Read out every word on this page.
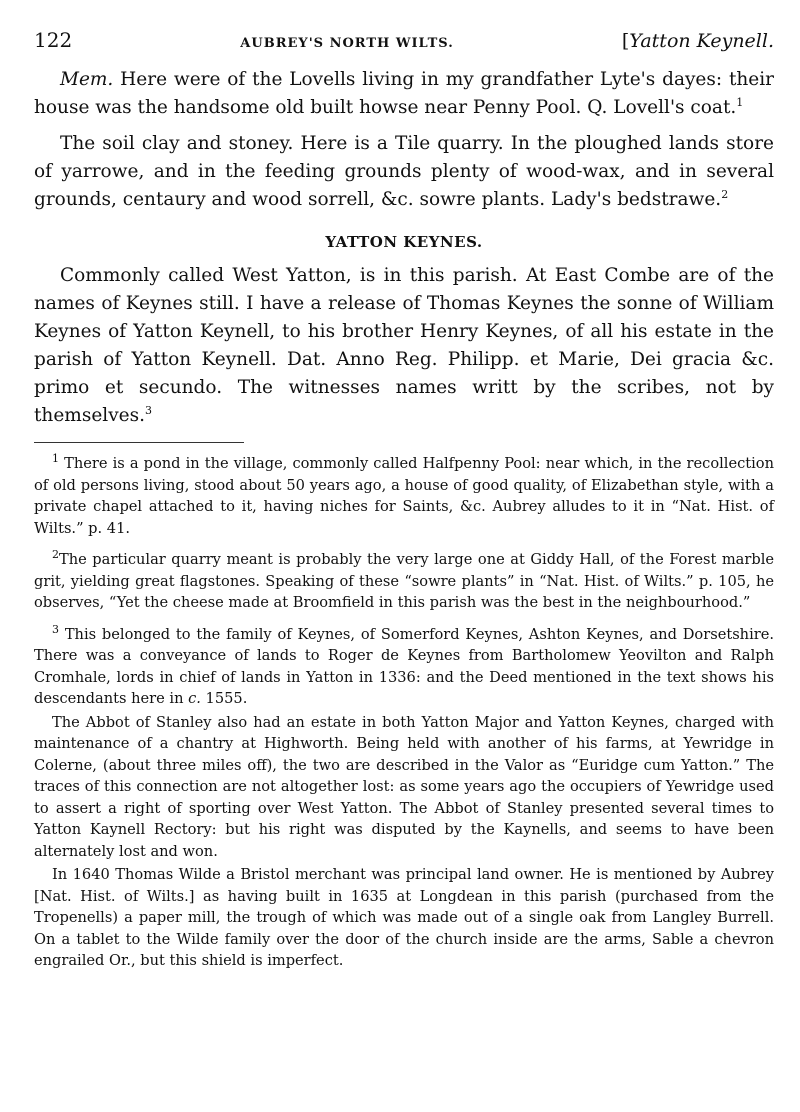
122	AUBREY'S NORTH WILTS.	[Yatton Keynell.

Mem. Here were of the Lovells living in my grandfather Lyte's dayes: their house was the handsome old built howse near Penny Pool. Q. Lovell's coat.$^1$

The soil clay and stoney. Here is a Tile quarry. In the ploughed lands store of yarrowe, and in the feeding grounds plenty of wood-wax, and in several grounds, centaury and wood sorrell, &c. sowre plants. Lady's bedstrawe.$^2$

YATTON KEYNES.

Commonly called West Yatton, is in this parish. At East Combe are of the names of Keynes still. I have a release of Thomas Keynes the sonne of William Keynes of Yatton Keynell, to his brother Henry Keynes, of all his estate in the parish of Yatton Keynell. Dat. Anno Reg. Philipp. et Marie, Dei gracia &c. primo et secundo. The witnesses names writt by the scribes, not by themselves.$^3$

$^1$ There is a pond in the village, commonly called Halfpenny Pool: near which, in the recollection of old persons living, stood about 50 years ago, a house of good quality, of Elizabethan style, with a private chapel attached to it, having niches for Saints, &c. Aubrey alludes to it in “Nat. Hist. of Wilts.” p. 41.

$^2$The particular quarry meant is probably the very large one at Giddy Hall, of the Forest marble grit, yielding great flagstones. Speaking of these “sowre plants” in “Nat. Hist. of Wilts.” p. 105, he observes, “Yet the cheese made at Broomfield in this parish was the best in the neighbourhood.”

$^3$ This belonged to the family of Keynes, of Somerford Keynes, Ashton Keynes, and Dorsetshire. There was a conveyance of lands to Roger de Keynes from Bartholomew Yeovilton and Ralph Cromhale, lords in chief of lands in Yatton in 1336: and the Deed mentioned in the text shows his descendants here in c. 1555.

The Abbot of Stanley also had an estate in both Yatton Major and Yatton Keynes, charged with maintenance of a chantry at Highworth. Being held with another of his farms, at Yewridge in Colerne, (about three miles off), the two are described in the Valor as “Euridge cum Yatton.” The traces of this connection are not altogether lost: as some years ago the occupiers of Yewridge used to assert a right of sporting over West Yatton. The Abbot of Stanley presented several times to Yatton Kaynell Rectory: but his right was disputed by the Kaynells, and seems to have been alternately lost and won.

In 1640 Thomas Wilde a Bristol merchant was principal land owner. He is mentioned by Aubrey [Nat. Hist. of Wilts.] as having built in 1635 at Longdean in this parish (purchased from the Tropenells) a paper mill, the trough of which was made out of a single oak from Langley Burrell. On a tablet to the Wilde family over the door of the church inside are the arms, Sable a chevron engrailed Or., but this shield is imperfect.
